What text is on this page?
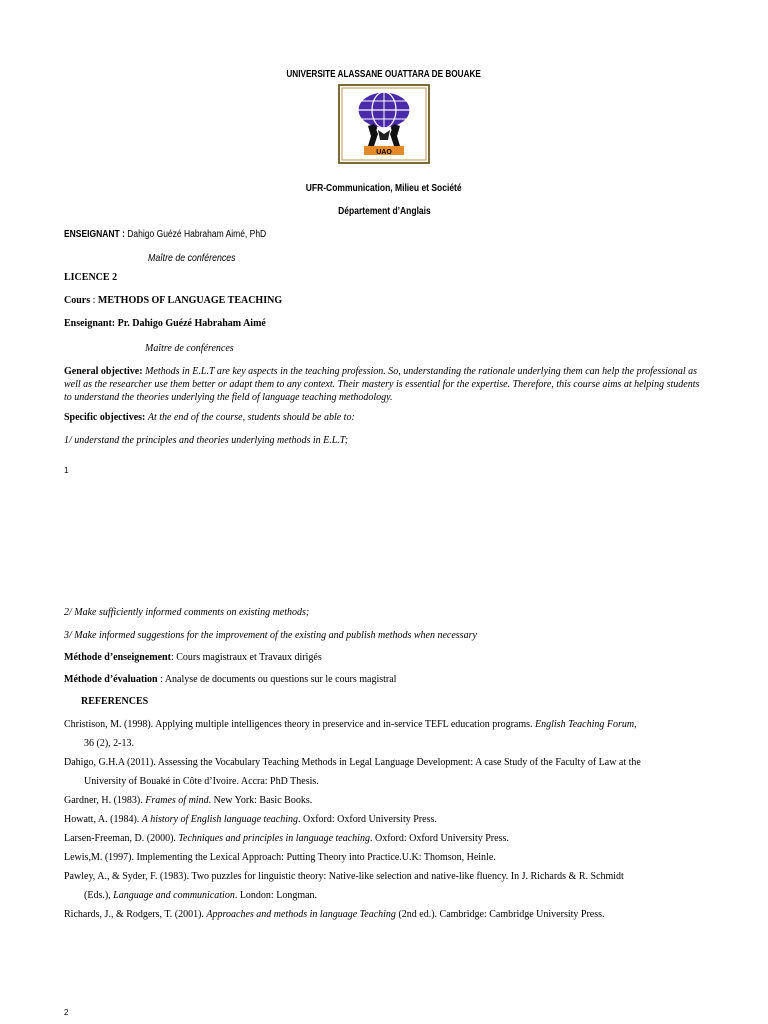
UNIVERSITE ALASSANE OUATTARA DE BOUAKE
UAO
UFR-Communication, Milieu et Société
Département d’Anglais
ENSEIGNANT : Dahigo Guézé Habraham Aimé, PhD
Maître de conférences
LICENCE 2
Cours : METHODS OF LANGUAGE TEACHING
Enseignant: Pr. Dahigo Guézé Habraham Aimé
Maître de conférences
General objective: Methods in E.L.T are key aspects in the teaching profession. So, understanding the rationale underlying them can help the professional as well as the researcher use them better or adapt them to any context. Their mastery is essential for the expertise. Therefore, this course aims at helping students to understand the theories underlying the field of language teaching methodology.
Specific objectives: At the end of the course, students should be able to:
1/ understand the principles and theories underlying methods in E.L.T;
1
2/ Make sufficiently informed comments on existing methods;
3/ Make informed suggestions for the improvement of the existing and publish methods when necessary
Méthode d’enseignement: Cours magistraux et Travaux dirigés
Méthode d’évaluation : Analyse de documents ou questions sur le cours magistral
REFERENCES
Christison, M. (1998). Applying multiple intelligences theory in preservice and in-service TEFL education programs. English Teaching Forum,
36 (2), 2-13.
Dahigo, G.H.A (2011). Assessing the Vocabulary Teaching Methods in Legal Language Development: A case Study of the Faculty of Law at the
University of Bouaké in Côte d’Ivoire. Accra: PhD Thesis.
Gardner, H. (1983). Frames of mind. New York: Basic Books.
Howatt, A. (1984). A history of English language teaching. Oxford: Oxford University Press.
Larsen-Freeman, D. (2000). Techniques and principles in language teaching. Oxford: Oxford University Press.
Lewis,M. (1997). Implementing the Lexical Approach: Putting Theory into Practice.U.K: Thomson, Heinle.
Pawley, A., & Syder, F. (1983). Two puzzles for linguistic theory: Native-like selection and native-like fluency. In J. Richards & R. Schmidt
(Eds.), Language and communication. London: Longman.
Richards, J., & Rodgers, T. (2001). Approaches and methods in language Teaching (2nd ed.). Cambridge: Cambridge University Press.
2
